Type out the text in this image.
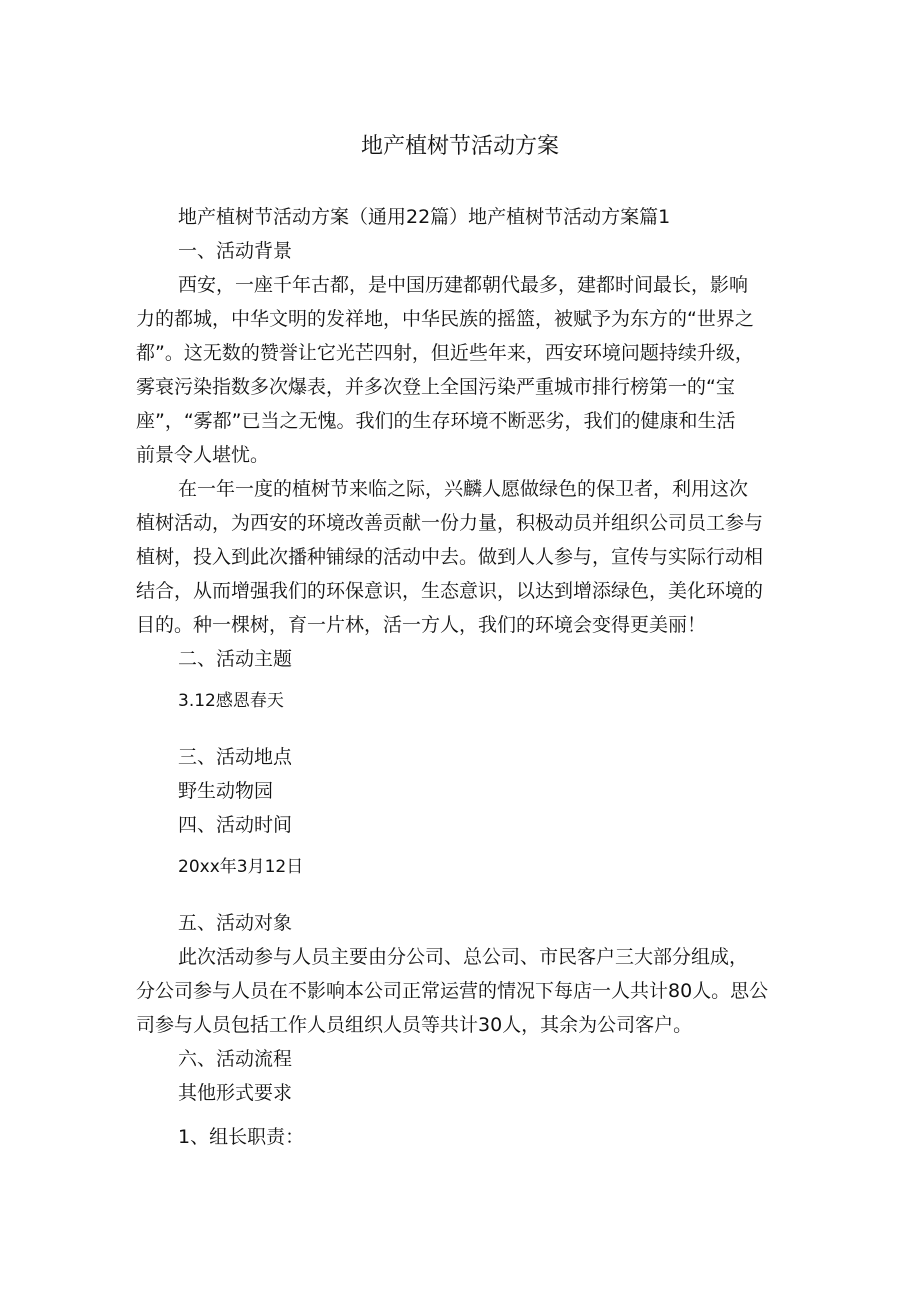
地产植树节活动方案

地产植树节活动方案（通用22篇）地产植树节活动方案篇1

一、活动背景

西安，一座千年古都，是中国历建都朝代最多，建都时间最长，影响

力的都城，中华文明的发祥地，中华民族的摇篮，被赋予为东方的“世界之

都”。这无数的赞誉让它光芒四射，但近些年来，西安环境问题持续升级，

雾衰污染指数多次爆表，并多次登上全国污染严重城市排行榜第一的“宝

座”，“雾都”已当之无愧。我们的生存环境不断恶劣，我们的健康和生活

前景令人堪忧。

在一年一度的植树节来临之际，兴麟人愿做绿色的保卫者，利用这次

植树活动，为西安的环境改善贡献一份力量，积极动员并组织公司员工参与

植树，投入到此次播种铺绿的活动中去。做到人人参与，宣传与实际行动相

结合，从而增强我们的环保意识，生态意识，以达到增添绿色，美化环境的

目的。种一棵树，育一片林，活一方人，我们的环境会变得更美丽！

二、活动主题

3.12感恩春天

三、活动地点

野生动物园

四、活动时间

20xx年3月12日

五、活动对象

此次活动参与人员主要由分公司、总公司、市民客户三大部分组成，

分公司参与人员在不影响本公司正常运营的情况下每店一人共计80人。思公

司参与人员包括工作人员组织人员等共计30人，其余为公司客户。

六、活动流程

其他形式要求

1、组长职责：
